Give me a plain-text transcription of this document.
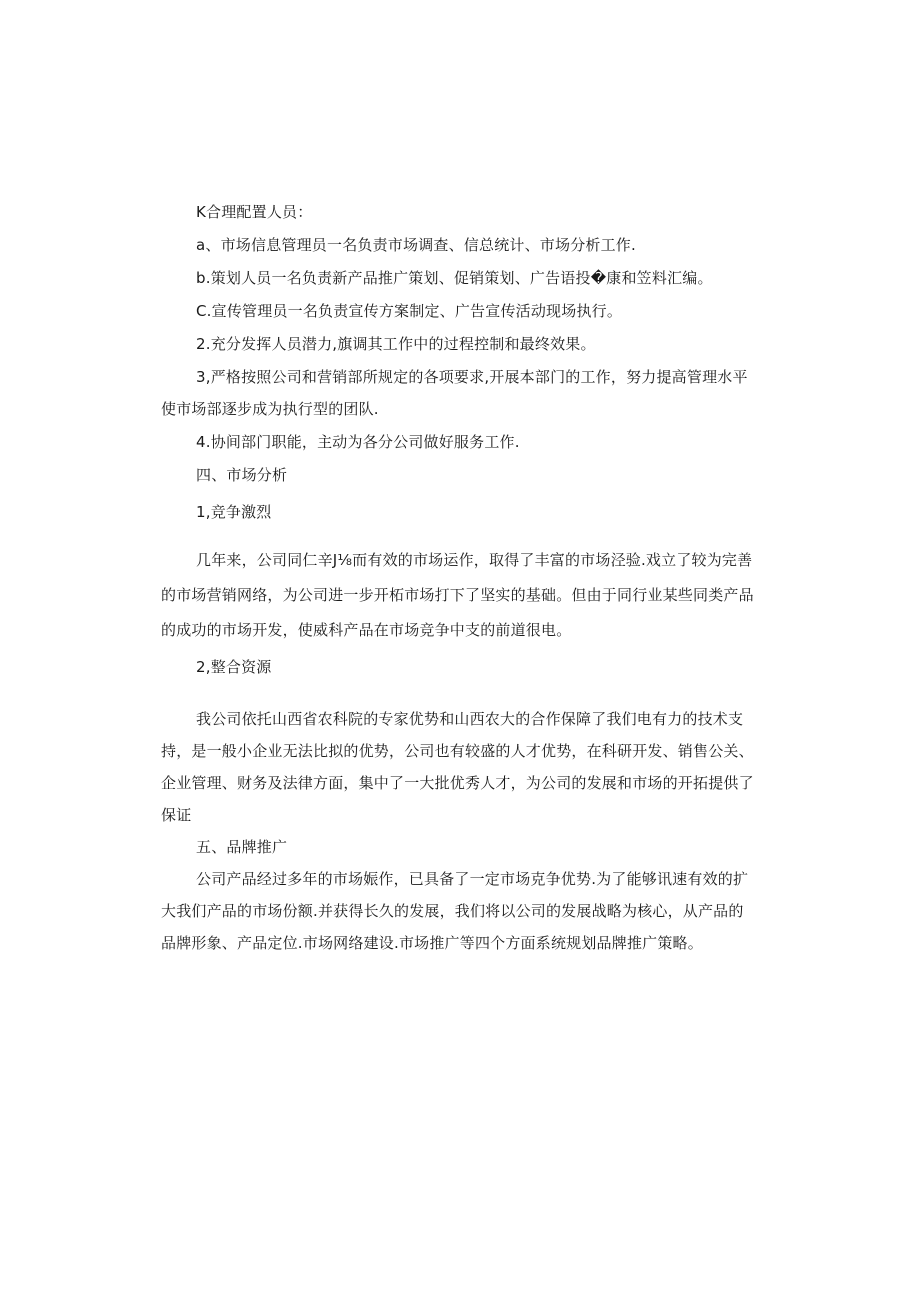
K合理配置人员：
a、市场信息管理员一名负责市场调查、信总统计、市场分析工作.
b.策划人员一名负责新产品推广策划、促销策划、广告语投�康和笠料汇编。
C.宣传管理员一名负责宣传方案制定、广告宣传活动现场执行。
2.充分发挥人员潜力,旗调其工作中的过程控制和最终效果。
3,严格按照公司和营销部所规定的各项要求,开展本部门的工作，努力提高管理水平
使市场部逐步成为执行型的团队.
4.协间部门职能，主动为各分公司做好服务工作.
四、市场分析
1,竞争激烈
几年来，公司同仁辛J⅛而有效的市场运作，取得了丰富的市场泾验.戏立了较为完善
的市场营销网络，为公司进一步开柘市场打下了坚实的基础。但由于同行业某些同类产品
的成功的市场开发，使威科产品在市场竞争中支的前道很电。
2,整合资源
我公司依托山西省农科院的专家优势和山西农大的合作保障了我们电有力的技术支
持，是一般小企业无法比拟的优势，公司也有较盛的人才优势，在科研开发、销售公关、
企业管理、财务及法律方面，集中了一大批优秀人才，为公司的发展和市场的开拓提供了
保证
五、品牌推广
公司产品经过多年的市场娠作，已具备了一定市场克争优势.为了能够讯速有效的扩
大我们产品的市场份额.并获得长久的发展，我们将以公司的发展战略为核心，从产品的
品牌形象、产品定位.市场网络建设.市场推广等四个方面系统规划品牌推广策略。
